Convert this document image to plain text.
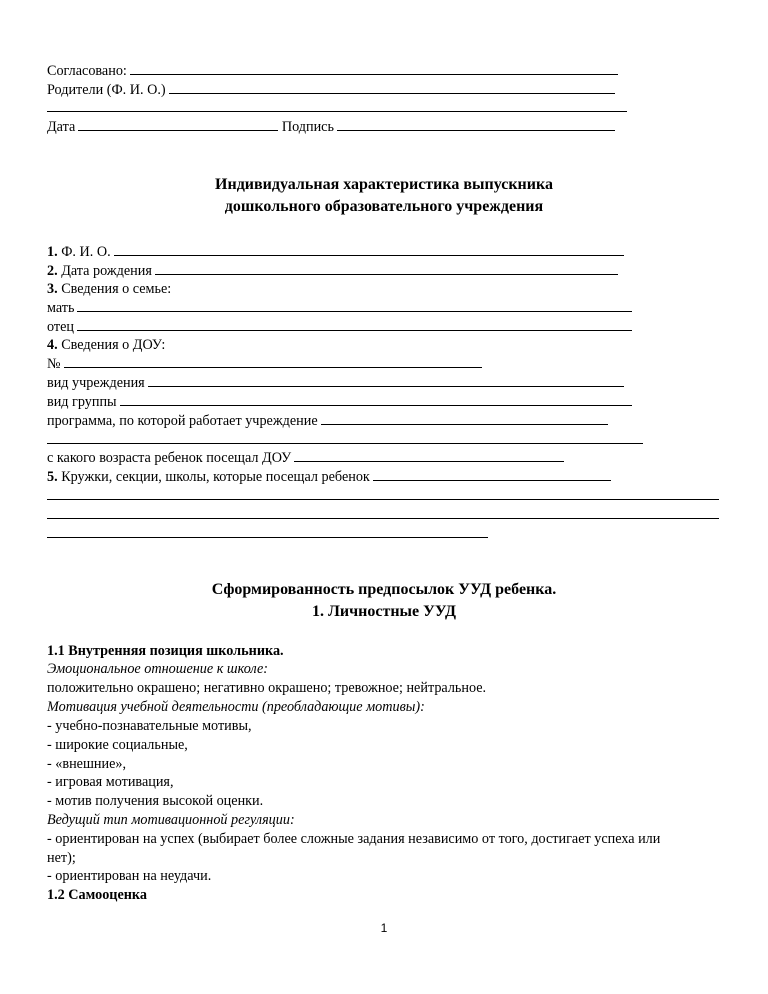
Согласовано:
Родители (Ф. И. О.)
Дата	Подпись
Индивидуальная характеристика выпускника
дошкольного образовательного учреждения
1. Ф. И. О.
2. Дата рождения
3. Сведения о семье:
мать
отец
4. Сведения о ДОУ:
№
вид учреждения
вид группы
программа, по которой работает учреждение
с какого возраста ребенок посещал ДОУ
5. Кружки, секции, школы, которые посещал ребенок
Сформированность предпосылок УУД ребенка.
1. Личностные УУД
1.1 Внутренняя позиция школьника.
Эмоциональное отношение к школе:
положительно окрашено; негативно окрашено; тревожное; нейтральное.
Мотивация учебной деятельности (преобладающие мотивы):
- учебно-познавательные мотивы,
- широкие социальные,
- «внешние»,
- игровая мотивация,
- мотив получения высокой оценки.
Ведущий тип мотивационной регуляции:
- ориентирован на успех (выбирает более сложные задания независимо от того, достигает успеха или
нет);
- ориентирован на неудачи.
1.2 Самооценка
1
